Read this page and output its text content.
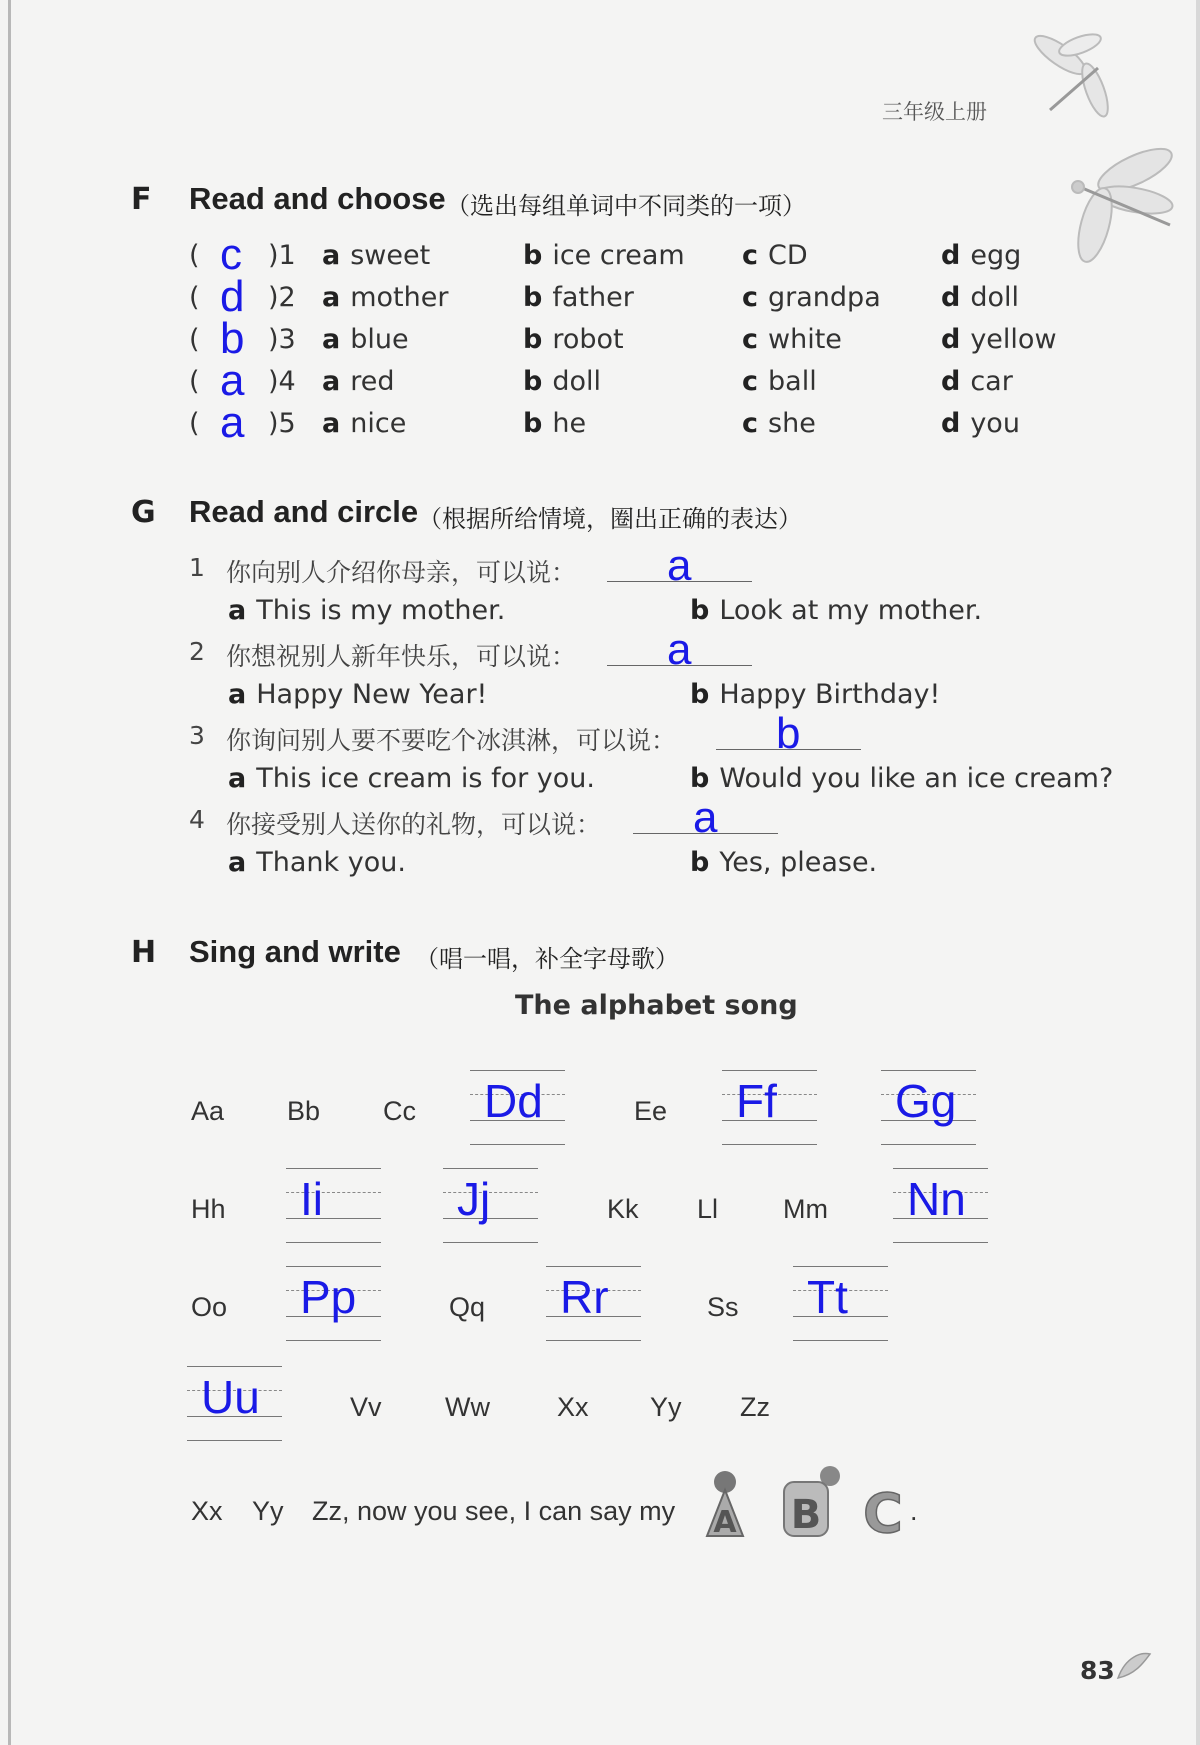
三年级上册
F Read and choose （选出每组单词中不同类的一项）
( c )1 a sweet	b ice cream c CD	d egg
( d )2 a mother	b father	c grandpa d doll
( b )3 a blue	b robot	c white	d yellow
( a )4 a red	b doll	c ball	d car
( a )5 a nice	b he	c she	d you
G Read and circle （根据所给情境，圈出正确的表达）
1 你向别人介绍你母亲，可以说： a
a This is my mother.	b Look at my mother.
2 你想祝别人新年快乐，可以说： a
a Happy New Year!	b Happy Birthday!
3 你询问别人要不要吃个冰淇淋，可以说： b
a This ice cream is for you.	b Would you like an ice cream?
4 你接受别人送你的礼物，可以说： a
a Thank you.	b Yes, please.
H Sing and write （唱一唱，补全字母歌）
The alphabet song
Aa Bb Cc Dd	Ee Ff	Gg
Hh Ii	Jj	Kk Ll Mm Nn
Oo Pp	Qq Rr	Ss Tt
Uu	Vv Ww Xx Yy Zz
Xx Yy Zz, now you see, I can say my A B C .
83
